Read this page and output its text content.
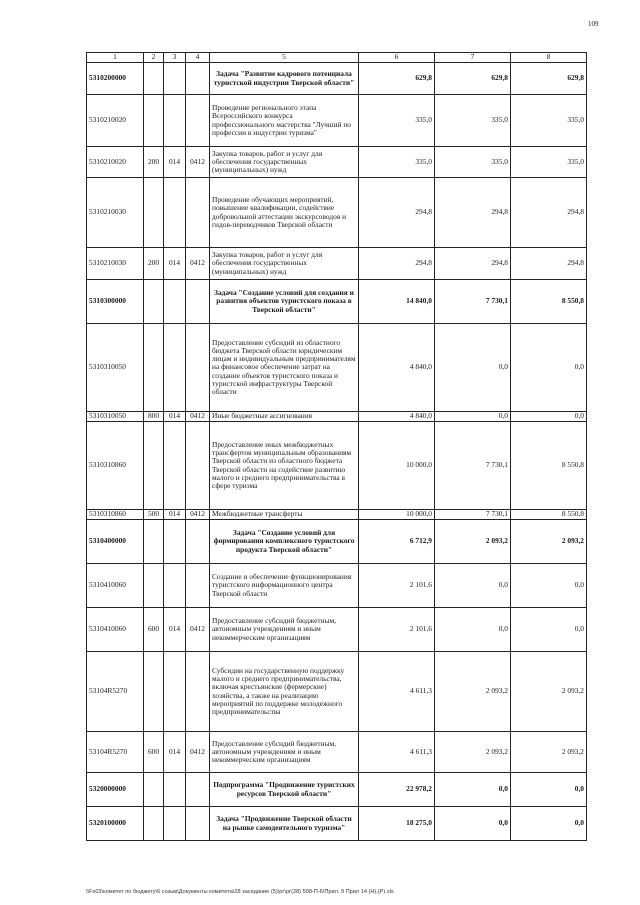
109
1	2	3	4	5	6	7	8
5310200000				Задача "Развитие кадрового потенциала туристской индустрии Тверской области"	629,8	629,8	629,8
5310210020				Проведение регионального этапа Всероссийского конкурса профессионального мастерства "Лучший по профессии в индустрии туризма"	335,0	335,0	335,0
5310210020	200	014	0412	Закупка товаров, работ и услуг для обеспечения государственных (муниципальных) нужд	335,0	335,0	335,0
5310210030				Проведение обучающих мероприятий, повышение квалификации, содействие добровольной аттестации экскурсоводов и гидов-переводчиков Тверской области	294,8	294,8	294,8
5310210030	200	014	0412	Закупка товаров, работ и услуг для обеспечения государственных (муниципальных) нужд	294,8	294,8	294,8
5310300000				Задача "Создание условий для создания и развития объектов туристского показа в Тверской области"	14 840,0	7 730,1	8 550,8
5310310050				Предоставление субсидий из областного бюджета Тверской области юридическим лицам и индивидуальным предпринимателям на финансовое обеспечение затрат на создание объектов туристского показа и туристской инфраструктуры Тверской области	4 840,0	0,0	0,0
5310310050	800	014	0412	Иные бюджетные ассигнования	4 840,0	0,0	0,0
5310310860				Предоставление иных межбюджетных трансфертов муниципальным образованиям Тверской области из областного бюджета Тверской области на содействие развитию малого и среднего предпринимательства в сфере туризма	10 000,0	7 730,1	8 550,8
5310310860	500	014	0412	Межбюджетные трансферты	10 000,0	7 730,1	8 550,8
5310400000				Задача "Создание условий для формирования комплексного туристского продукта Тверской области"	6 712,9	2 093,2	2 093,2
5310410060				Создание и обеспечение функционирования туристского информационного центра Тверской области	2 101,6	0,0	0,0
5310410060	600	014	0412	Предоставление субсидий бюджетным, автономным учреждениям и иным некоммерческим организациям	2 101,6	0,0	0,0
53104R5270				Субсидии на государственную поддержку малого и среднего предпринимательства, включая крестьянские (фермерские) хозяйства, а также на реализацию мероприятий по поддержке молодежного предпринимательства	4 611,3	2 093,2	2 093,2
53104R5270	600	014	0412	Предоставление субсидий бюджетным, автономным учреждениям и иным некоммерческим организациям	4 611,3	2 093,2	2 093,2
5320000000				Подпрограмма "Продвижение туристских ресурсов Тверской области"	22 978,2	0,0	0,0
5320100000				Задача "Продвижение Тверской области на рынке самодеятельного туризма"	18 275,0	0,0	0,0
\\Fs03\комитет по бюджету\6 созыв\Документы комитета\28 заседание (5)\рг\рг(28) 508-П-6\Прил. 9 Прил 14 (Н),(Р).xls
